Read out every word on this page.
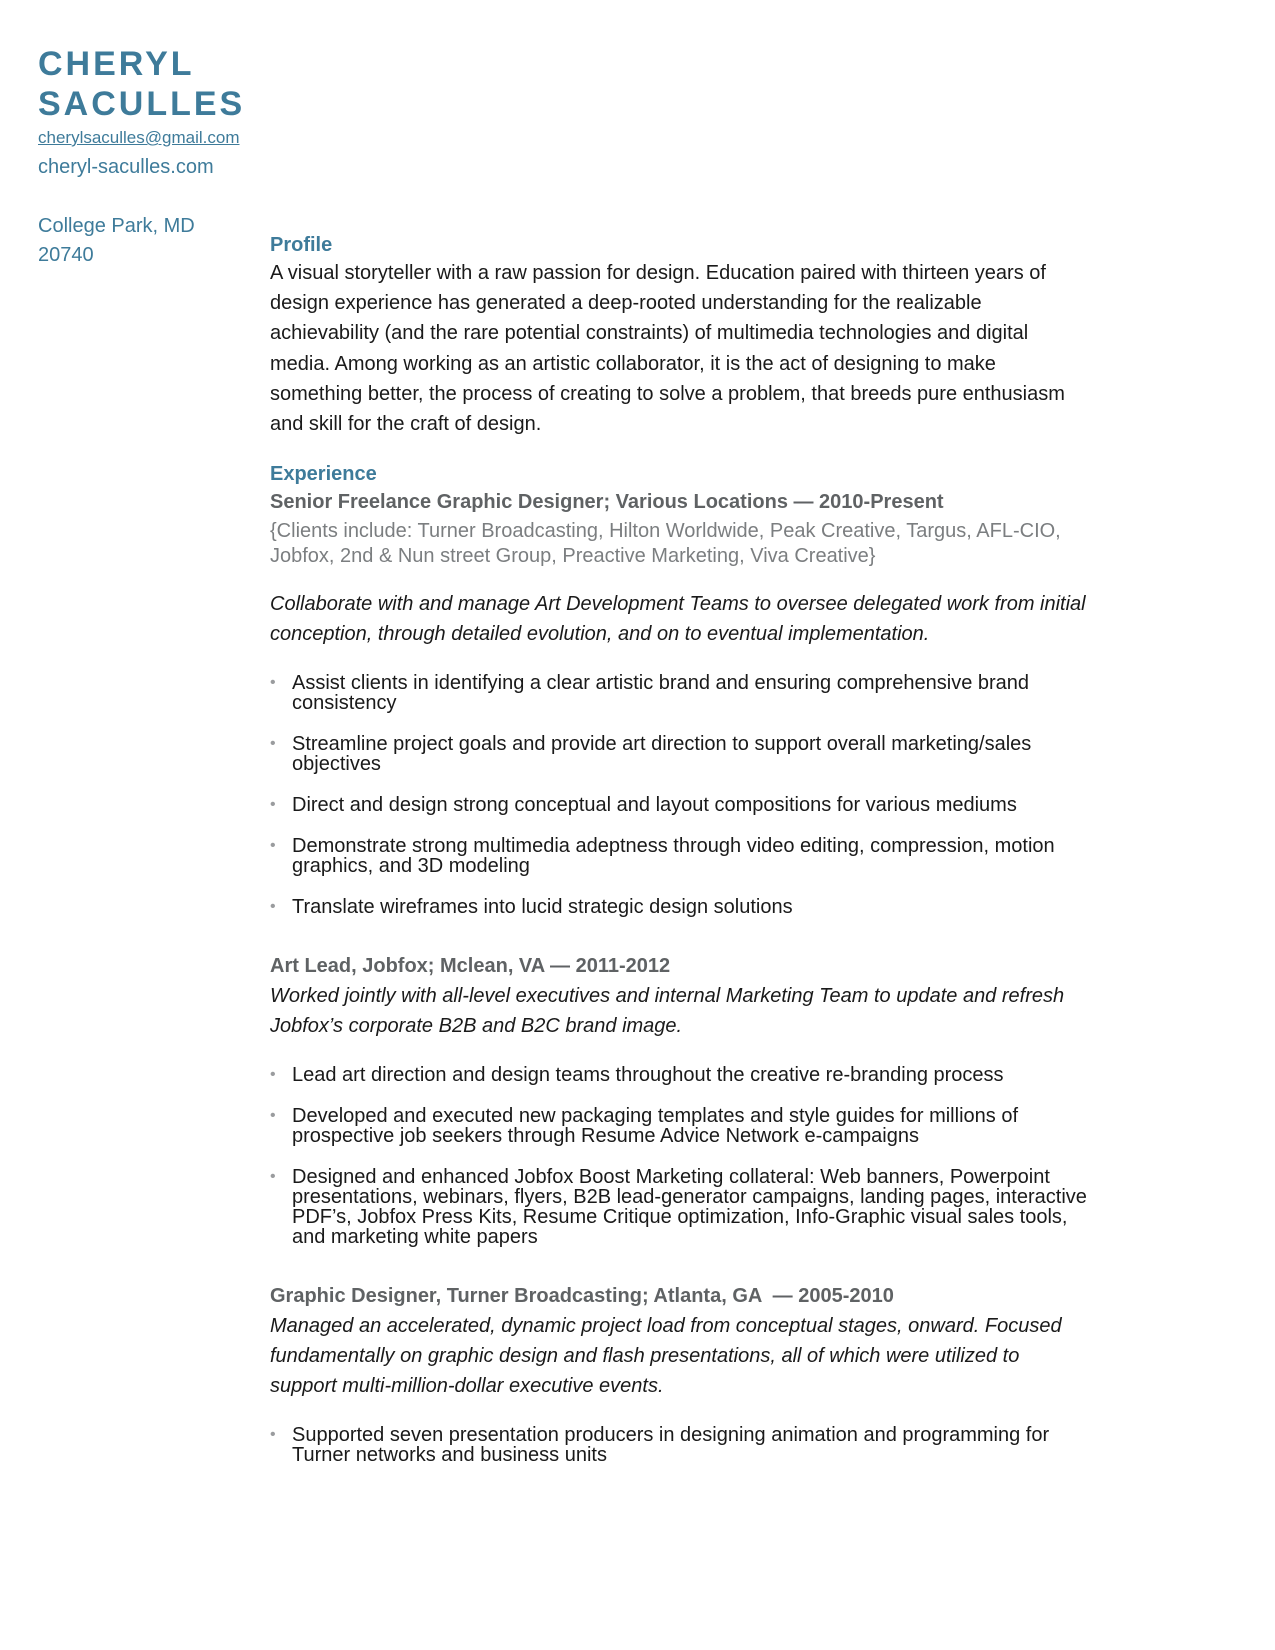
CHERYL
SACULLES
cherylsaculles@gmail.com
cheryl-saculles.com
College Park, MD
20740	Profile

A visual storyteller with a raw passion for design. Education paired with thirteen years of design experience has generated a deep-rooted understanding for the realizable achievability (and the rare potential constraints) of multimedia technologies and digital media. Among working as an artistic collaborator, it is the act of designing to make something better, the process of creating to solve a problem, that breeds pure enthusiasm and skill for the craft of design.

Experience
Senior Freelance Graphic Designer; Various Locations — 2010-Present

{Clients include: Turner Broadcasting, Hilton Worldwide, Peak Creative, Targus, AFL-CIO, Jobfox, 2nd & Nun street Group, Preactive Marketing, Viva Creative}

Collaborate with and manage Art Development Teams to oversee delegated work from initial conception, through detailed evolution, and on to eventual implementation.

• Assist clients in identifying a clear artistic brand and ensuring comprehensive brand consistency
• Streamline project goals and provide art direction to support overall marketing/sales objectives
• Direct and design strong conceptual and layout compositions for various mediums
• Demonstrate strong multimedia adeptness through video editing, compression, motion graphics, and 3D modeling
• Translate wireframes into lucid strategic design solutions
Art Lead, Jobfox; Mclean, VA — 2011-2012

Worked jointly with all-level executives and internal Marketing Team to update and refresh Jobfox’s corporate B2B and B2C brand image.

• Lead art direction and design teams throughout the creative re-branding process
• Developed and executed new packaging templates and style guides for millions of prospective job seekers through Resume Advice Network e-campaigns
• Designed and enhanced Jobfox Boost Marketing collateral: Web banners, Powerpoint presentations, webinars, flyers, B2B lead-generator campaigns, landing pages, interactive PDF’s, Jobfox Press Kits, Resume Critique optimization, Info-Graphic visual sales tools, and marketing white papers
Graphic Designer, Turner Broadcasting; Atlanta, GA  — 2005-2010

Managed an accelerated, dynamic project load from conceptual stages, onward. Focused fundamentally on graphic design and flash presentations, all of which were utilized to support multi-million-dollar executive events.

• Supported seven presentation producers in designing animation and programming for Turner networks and business units
